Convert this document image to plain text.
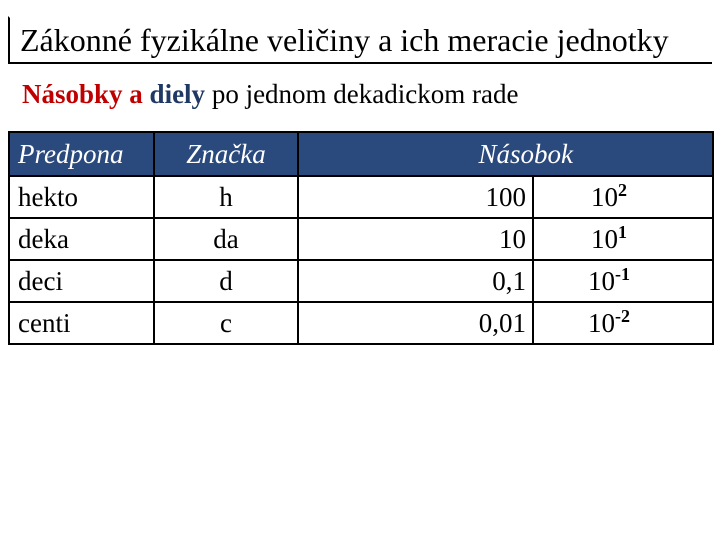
Zákonné fyzikálne veličiny a ich meracie jednotky
Násobky a diely po jednom dekadickom rade
Predpona	Značka	Násobok	
hekto	h	100	$10^2$
deka	da	10	$10^1$
deci	d	0,1	$10^{-1}$
centi	c	0,01	$10^{-2}$
